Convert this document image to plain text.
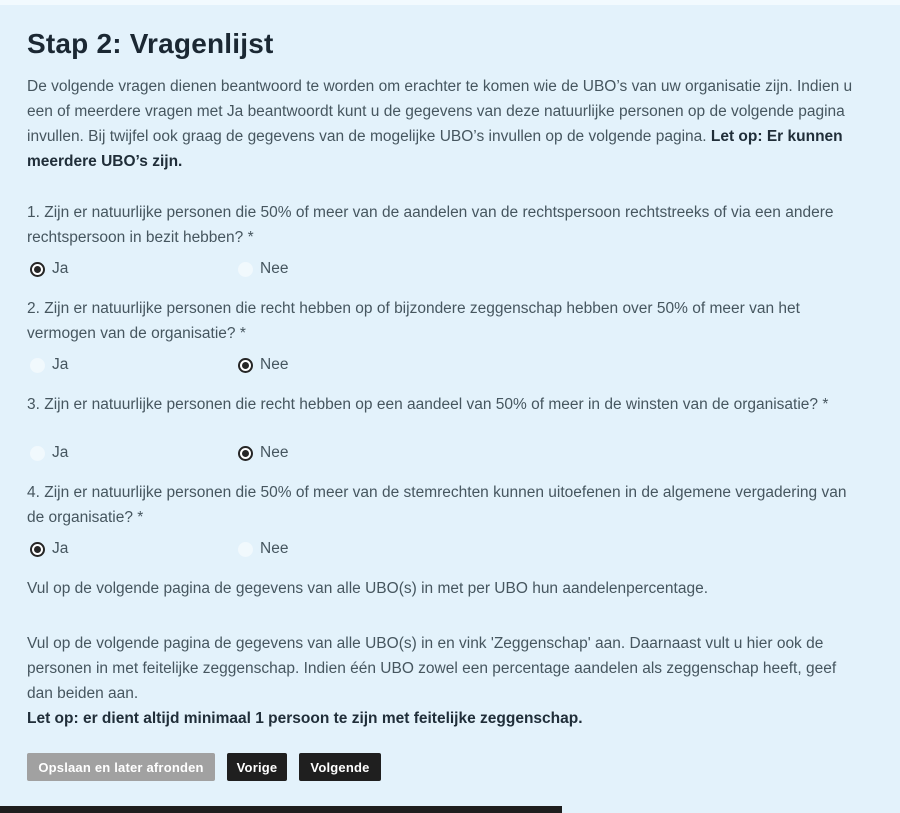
Stap 2: Vragenlijst

De volgende vragen dienen beantwoord te worden om erachter te komen wie de UBO’s van uw organisatie zijn. Indien u een of meerdere vragen met Ja beantwoordt kunt u de gegevens van deze natuurlijke personen op de volgende pagina invullen. Bij twijfel ook graag de gegevens van de mogelijke UBO’s invullen op de volgende pagina. Let op: Er kunnen meerdere UBO’s zijn.

1. Zijn er natuurlijke personen die 50% of meer van de aandelen van de rechtspersoon rechtstreeks of via een andere rechtspersoon in bezit hebben? *
Ja	Nee
2. Zijn er natuurlijke personen die recht hebben op of bijzondere zeggenschap hebben over 50% of meer van het vermogen van de organisatie? *
Ja	Nee
3. Zijn er natuurlijke personen die recht hebben op een aandeel van 50% of meer in de winsten van de organisatie? *
Ja	Nee
4. Zijn er natuurlijke personen die 50% of meer van de stemrechten kunnen uitoefenen in de algemene vergadering van de organisatie? *
Ja	Nee

Vul op de volgende pagina de gegevens van alle UBO(s) in met per UBO hun aandelenpercentage.

Vul op de volgende pagina de gegevens van alle UBO(s) in en vink 'Zeggenschap' aan. Daarnaast vult u hier ook de personen in met feitelijke zeggenschap. Indien één UBO zowel een percentage aandelen als zeggenschap heeft, geef dan beiden aan.

Let op: er dient altijd minimaal 1 persoon te zijn met feitelijke zeggenschap.

Opslaan en later afronden	Vorige	Volgende
